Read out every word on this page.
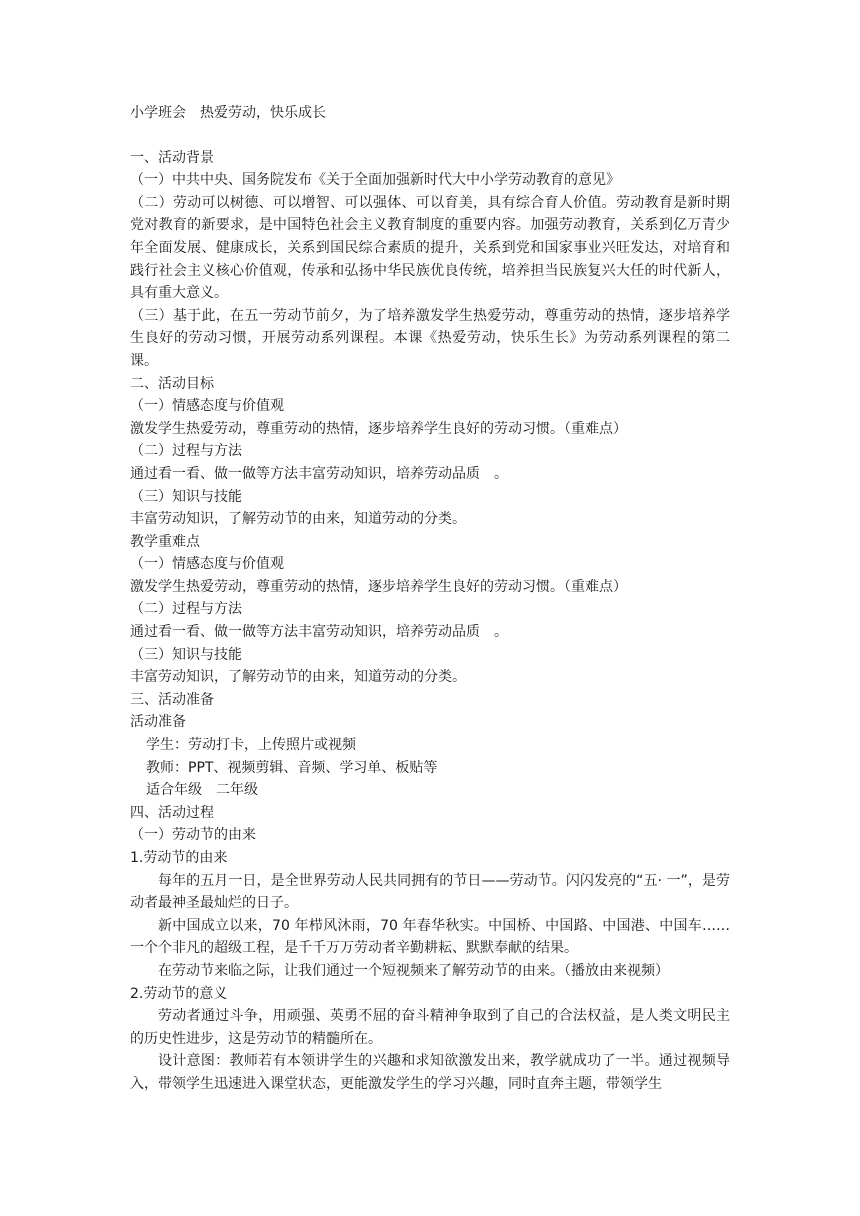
小学班会　热爱劳动，快乐成长
一、活动背景
（一）中共中央、国务院发布《关于全面加强新时代大中小学劳动教育的意见》
（二）劳动可以树德、可以增智、可以强体、可以育美，具有综合育人价值。劳动教育是新时期党对教育的新要求，是中国特色社会主义教育制度的重要内容。加强劳动教育，关系到亿万青少年全面发展、健康成长，关系到国民综合素质的提升，关系到党和国家事业兴旺发达，对培育和践行社会主义核心价值观，传承和弘扬中华民族优良传统，培养担当民族复兴大任的时代新人，具有重大意义。
（三）基于此，在五一劳动节前夕，为了培养激发学生热爱劳动，尊重劳动的热情，逐步培养学生良好的劳动习惯，开展劳动系列课程。本课《热爱劳动，快乐生长》为劳动系列课程的第二课。
二、活动目标
（一）情感态度与价值观
激发学生热爱劳动，尊重劳动的热情，逐步培养学生良好的劳动习惯。（重难点）
（二）过程与方法
通过看一看、做一做等方法丰富劳动知识，培养劳动品质　。
（三）知识与技能
丰富劳动知识，了解劳动节的由来，知道劳动的分类。
教学重难点
（一）情感态度与价值观
激发学生热爱劳动，尊重劳动的热情，逐步培养学生良好的劳动习惯。（重难点）
（二）过程与方法
通过看一看、做一做等方法丰富劳动知识，培养劳动品质　。
（三）知识与技能
丰富劳动知识，了解劳动节的由来，知道劳动的分类。
三、活动准备
活动准备
学生：劳动打卡，上传照片或视频
教师：PPT、视频剪辑、音频、学习单、板贴等
适合年级　二年级
四、活动过程
（一）劳动节的由来
1.劳动节的由来
每年的五月一日，是全世界劳动人民共同拥有的节日——劳动节。闪闪发亮的“五· 一”，是劳动者最神圣最灿烂的日子。
新中国成立以来，70 年栉风沐雨，70 年春华秋实。中国桥、中国路、中国港、中国车……一个个非凡的超级工程，是千千万万劳动者辛勤耕耘、默默奉献的结果。
在劳动节来临之际，让我们通过一个短视频来了解劳动节的由来。（播放由来视频）
2.劳动节的意义
劳动者通过斗争，用顽强、英勇不屈的奋斗精神争取到了自己的合法权益，是人类文明民主的历史性进步，这是劳动节的精髓所在。
设计意图：教师若有本领讲学生的兴趣和求知欲激发出来，教学就成功了一半。通过视频导入，带领学生迅速进入课堂状态，更能激发学生的学习兴趣，同时直奔主题，带领学生
